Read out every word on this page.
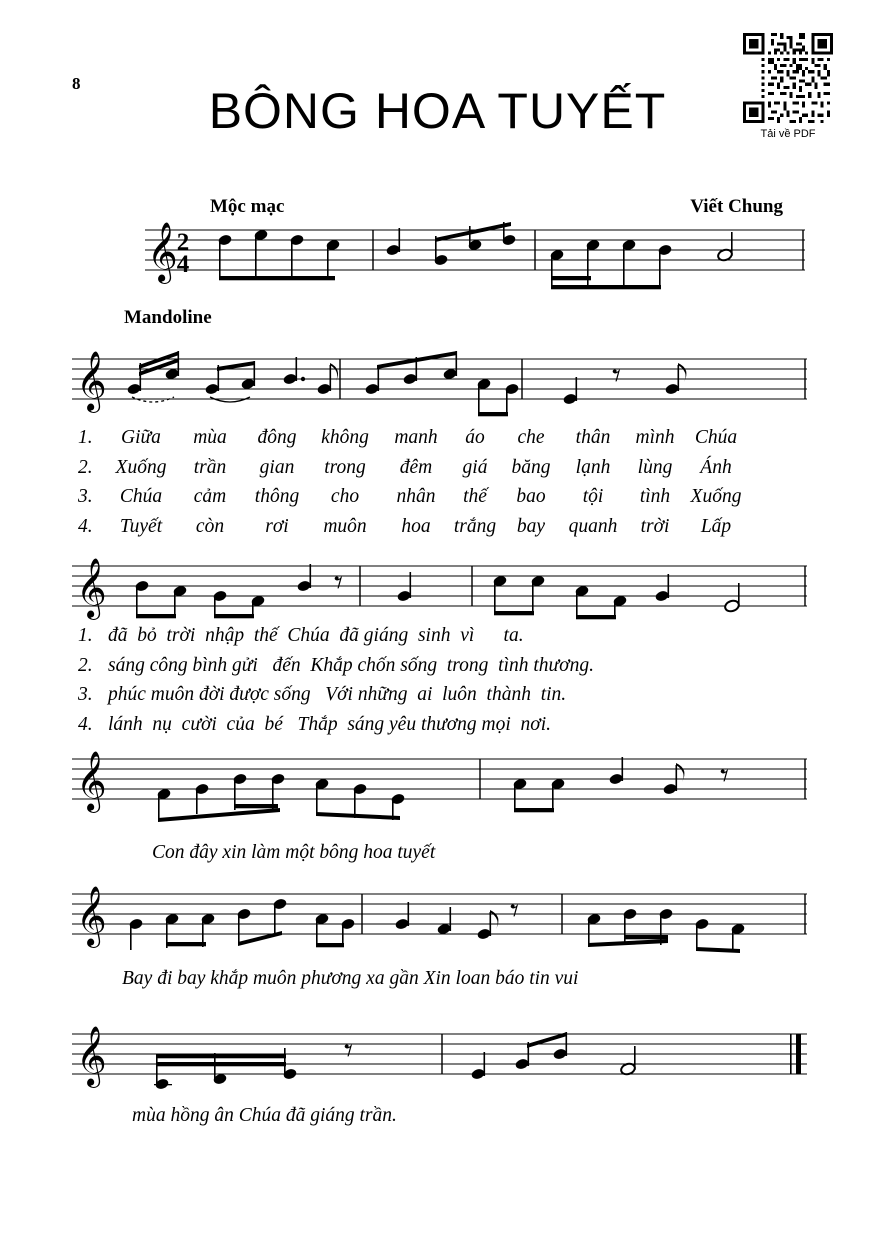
8	BÔNG HOA TUYẾT	Tải về PDF
Mộc mạc	Viết Chung
Mandoline
𝄞 2
4
𝄞	𝄾
1.	Giữa	mùa	đông	không	manh	áo	che	thân	mình	Chúa
2.	Xuống	trần	gian	trong	đêm	giá	băng	lạnh	lùng	Ánh
3.	Chúa	cảm	thông	cho	nhân	thế	bao	tội	tình	Xuống
4.	Tuyết	còn	rơi	muôn	hoa	trắng	bay	quanh	trời	Lấp
𝄞	𝄾
1. đã  bỏ  trời  nhập  thế  Chúa  đã giáng  sinh  vì      ta.
2. sáng công bình gửi   đến  Khắp chốn sống  trong  tình thương.
3. phúc muôn đời được sống   Với những  ai  luôn  thành  tin.
4. lánh  nụ  cười  của  bé   Thắp  sáng yêu thương mọi  nơi.
𝄞	𝄾
Con đây xin làm một bông hoa tuyết
𝄞	𝄾
Bay đi bay khắp muôn phương xa gần Xin loan báo tin vui
𝄞	𝄾
mùa hồng ân Chúa đã giáng trần.
